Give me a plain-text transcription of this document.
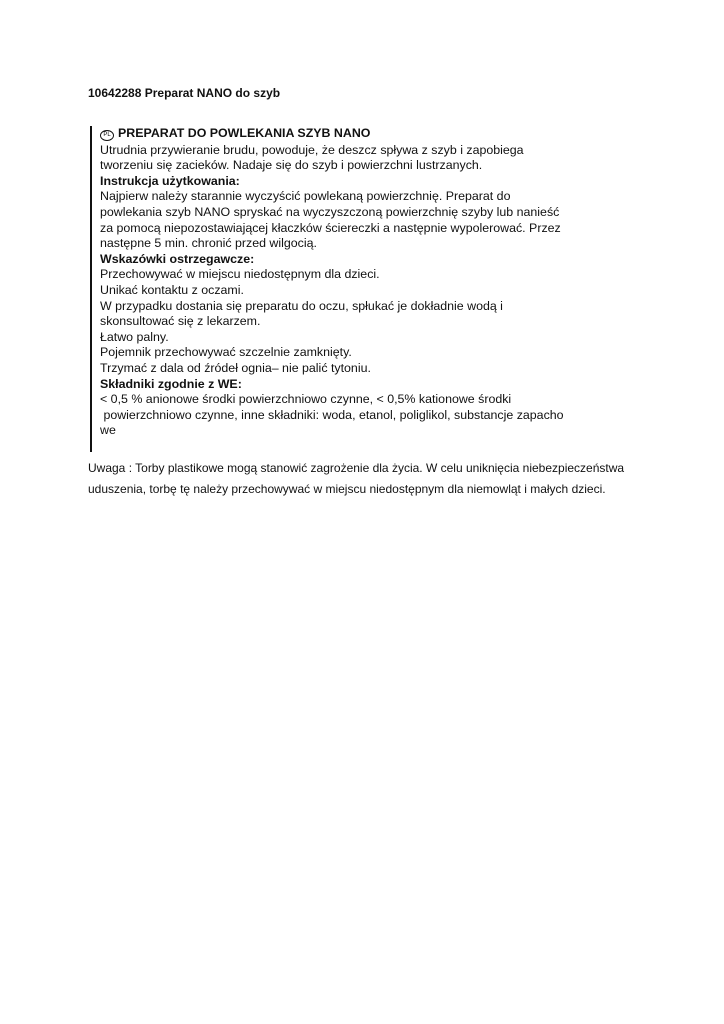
10642288 Preparat NANO do szyb
PL PREPARAT DO POWLEKANIA SZYB NANO
Utrudnia przywieranie brudu, powoduje, że deszcz spływa z szyb i zapobiega
tworzeniu się zacieków. Nadaje się do szyb i powierzchni lustrzanych.
Instrukcja użytkowania:
Najpierw należy starannie wyczyścić powlekaną powierzchnię. Preparat do
powlekania szyb NANO spryskać na wyczyszczoną powierzchnię szyby lub nanieść
za pomocą niepozostawiającej kłaczków ściereczki a następnie wypolerować. Przez
następne 5 min. chronić przed wilgocią.
Wskazówki ostrzegawcze:
Przechowywać w miejscu niedostępnym dla dzieci.
Unikać kontaktu z oczami.
W przypadku dostania się preparatu do oczu, spłukać je dokładnie wodą i
skonsultować się z lekarzem.
Łatwo palny.
Pojemnik przechowywać szczelnie zamknięty.
Trzymać z dala od źródeł ognia– nie palić tytoniu.
Składniki zgodnie z WE:
< 0,5 % anionowe środki powierzchniowo czynne, < 0,5% kationowe środki
powierzchniowo czynne, inne składniki: woda, etanol, poliglikol, substancje zapacho
we
Uwaga : Torby plastikowe mogą stanowić zagrożenie dla życia. W celu uniknięcia niebezpieczeństwa
uduszenia, torbę tę należy przechowywać w miejscu niedostępnym dla niemowląt i małych dzieci.
